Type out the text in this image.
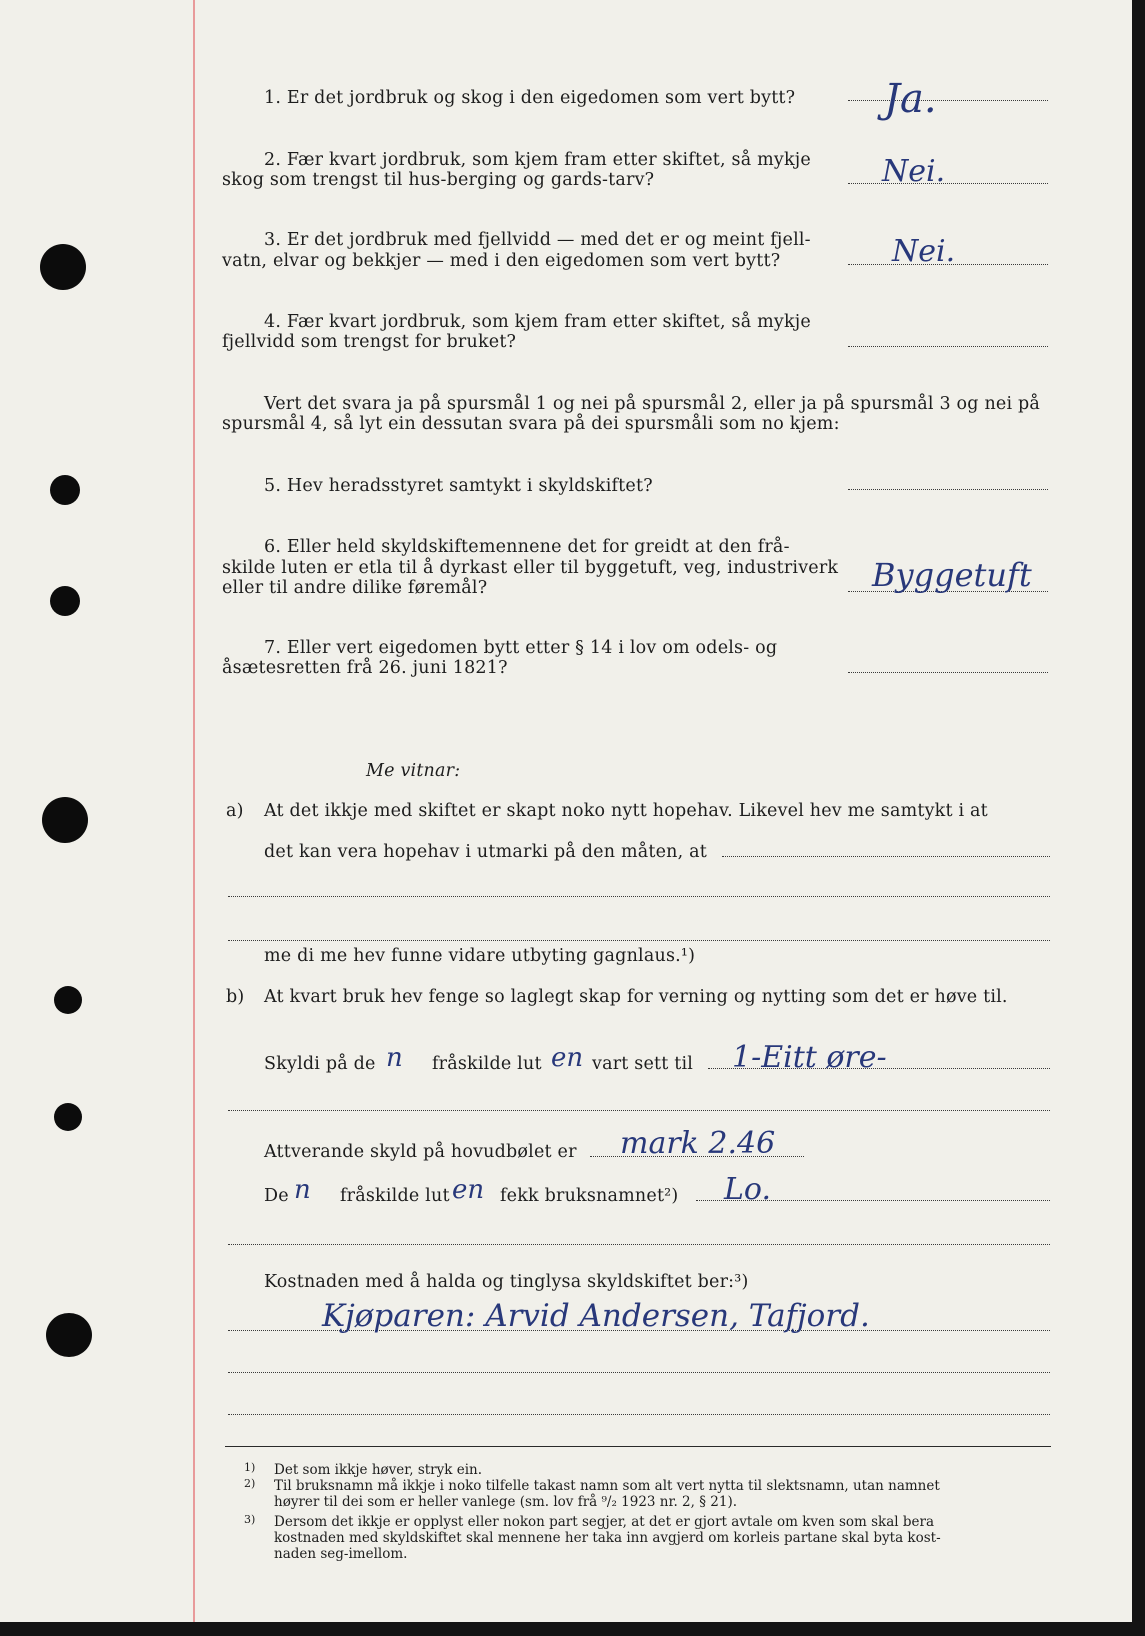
1. Er det jordbruk og skog i den eigedomen som vert bytt? Ja.
2. Fær kvart jordbruk, som kjem fram etter skiftet, så mykje
skog som trengst til hus‐berging og gards‐tarv?	Nei.
3. Er det jordbruk med fjellvidd — med det er og meint fjell‐
vatn, elvar og bekkjer — med i den eigedomen som vert bytt?	Nei.
4. Fær kvart jordbruk, som kjem fram etter skiftet, så mykje
fjellvidd som trengst for bruket?
Vert det svara ja på spursmål 1 og nei på spursmål 2, eller ja på spursmål 3 og nei på
spursmål 4, så lyt ein dessutan svara på dei spursmåli som no kjem:
5. Hev heradsstyret samtykt i skyldskiftet?
6. Eller held skyldskiftemennene det for greidt at den frå‐
skilde luten er etla til å dyrkast eller til byggetuft, veg, industriverk
eller til andre dilike føremål?	Byggetuft
7. Eller vert eigedomen bytt etter § 14 i lov om odels‐ og
åsætesretten frå 26. juni 1821?
Me vitnar:
a) At det ikkje med skiftet er skapt noko nytt hopehav. Likevel hev me samtykt i at
det kan vera hopehav i utmarki på den måten, at
me di me hev funne vidare utbyting gagnlaus.¹)
b) At kvart bruk hev fenge so laglegt skap for verning og nytting som det er høve til.
Skyldi på de n fråskilde lut en vart sett til 1-Eitt øre-
Attverande skyld på hovudbølet er mark 2.46
De n fråskilde lut en fekk bruksnamnet²) Lo.
Kostnaden med å halda og tinglysa skyldskiftet ber:³)
Kjøparen: Arvid Andersen, Tafjord.
1) Det som ikkje høver, stryk ein.
2) Til bruksnamn må ikkje i noko tilfelle takast namn som alt vert nytta til slektsnamn, utan namnet
høyrer til dei som er heller vanlege (sm. lov frå ⁹/₂ 1923 nr. 2, § 21).
3) Dersom det ikkje er opplyst eller nokon part segjer, at det er gjort avtale om kven som skal bera
kostnaden med skyldskiftet skal mennene her taka inn avgjerd om korleis partane skal byta kost‐
naden seg‐imellom.
